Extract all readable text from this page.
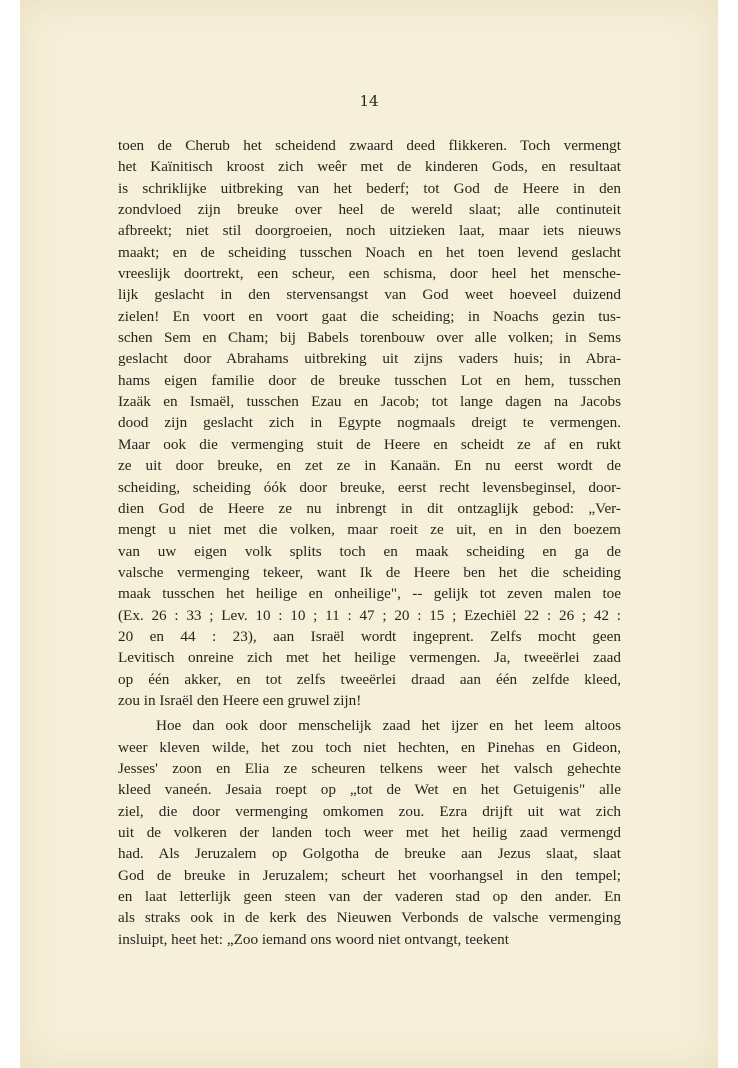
14
toen de Cherub het scheidend zwaard deed flikkeren. Toch vermengt
het Kaïnitisch kroost zich weêr met de kinderen Gods, en resultaat
is schriklijke uitbreking van het bederf; tot God de Heere in den
zondvloed zijn breuke over heel de wereld slaat; alle continuteit
afbreekt; niet stil doorgroeien, noch uitzieken laat, maar iets nieuws
maakt; en de scheiding tusschen Noach en het toen levend geslacht
vreeslijk doortrekt, een scheur, een schisma, door heel het mensche-
lijk geslacht in den stervensangst van God weet hoeveel duizend
zielen! En voort en voort gaat die scheiding; in Noachs gezin tus-
schen Sem en Cham; bij Babels torenbouw over alle volken; in Sems
geslacht door Abrahams uitbreking uit zijns vaders huis; in Abra-
hams eigen familie door de breuke tusschen Lot en hem, tusschen
Izaäk en Ismaël, tusschen Ezau en Jacob; tot lange dagen na Jacobs
dood zijn geslacht zich in Egypte nogmaals dreigt te vermengen.
Maar ook die vermenging stuit de Heere en scheidt ze af en rukt
ze uit door breuke, en zet ze in Kanaän. En nu eerst wordt de
scheiding, scheiding óók door breuke, eerst recht levensbeginsel, door-
dien God de Heere ze nu inbrengt in dit ontzaglijk gebod: „Ver-
mengt u niet met die volken, maar roeit ze uit, en in den boezem
van uw eigen volk splits toch en maak scheiding en ga de
valsche vermenging tekeer, want Ik de Heere ben het die scheiding
maak tusschen het heilige en onheilige", -- gelijk tot zeven malen toe
(Ex. 26 : 33 ; Lev. 10 : 10 ; 11 : 47 ; 20 : 15 ; Ezechiël 22 : 26 ; 42 :
20 en 44 : 23), aan Israël wordt ingeprent. Zelfs mocht geen
Levitisch onreine zich met het heilige vermengen. Ja, tweeërlei zaad
op één akker, en tot zelfs tweeërlei draad aan één zelfde kleed,
zou in Israël den Heere een gruwel zijn!
Hoe dan ook door menschelijk zaad het ijzer en het leem altoos
weer kleven wilde, het zou toch niet hechten, en Pinehas en Gideon,
Jesses' zoon en Elia ze scheuren telkens weer het valsch gehechte
kleed vaneén. Jesaia roept op „tot de Wet en het Getuigenis" alle
ziel, die door vermenging omkomen zou. Ezra drijft uit wat zich
uit de volkeren der landen toch weer met het heilig zaad vermengd
had. Als Jeruzalem op Golgotha de breuke aan Jezus slaat, slaat
God de breuke in Jeruzalem; scheurt het voorhangsel in den tempel;
en laat letterlijk geen steen van der vaderen stad op den ander. En
als straks ook in de kerk des Nieuwen Verbonds de valsche vermenging
insluipt, heet het: „Zoo iemand ons woord niet ontvangt, teekent
